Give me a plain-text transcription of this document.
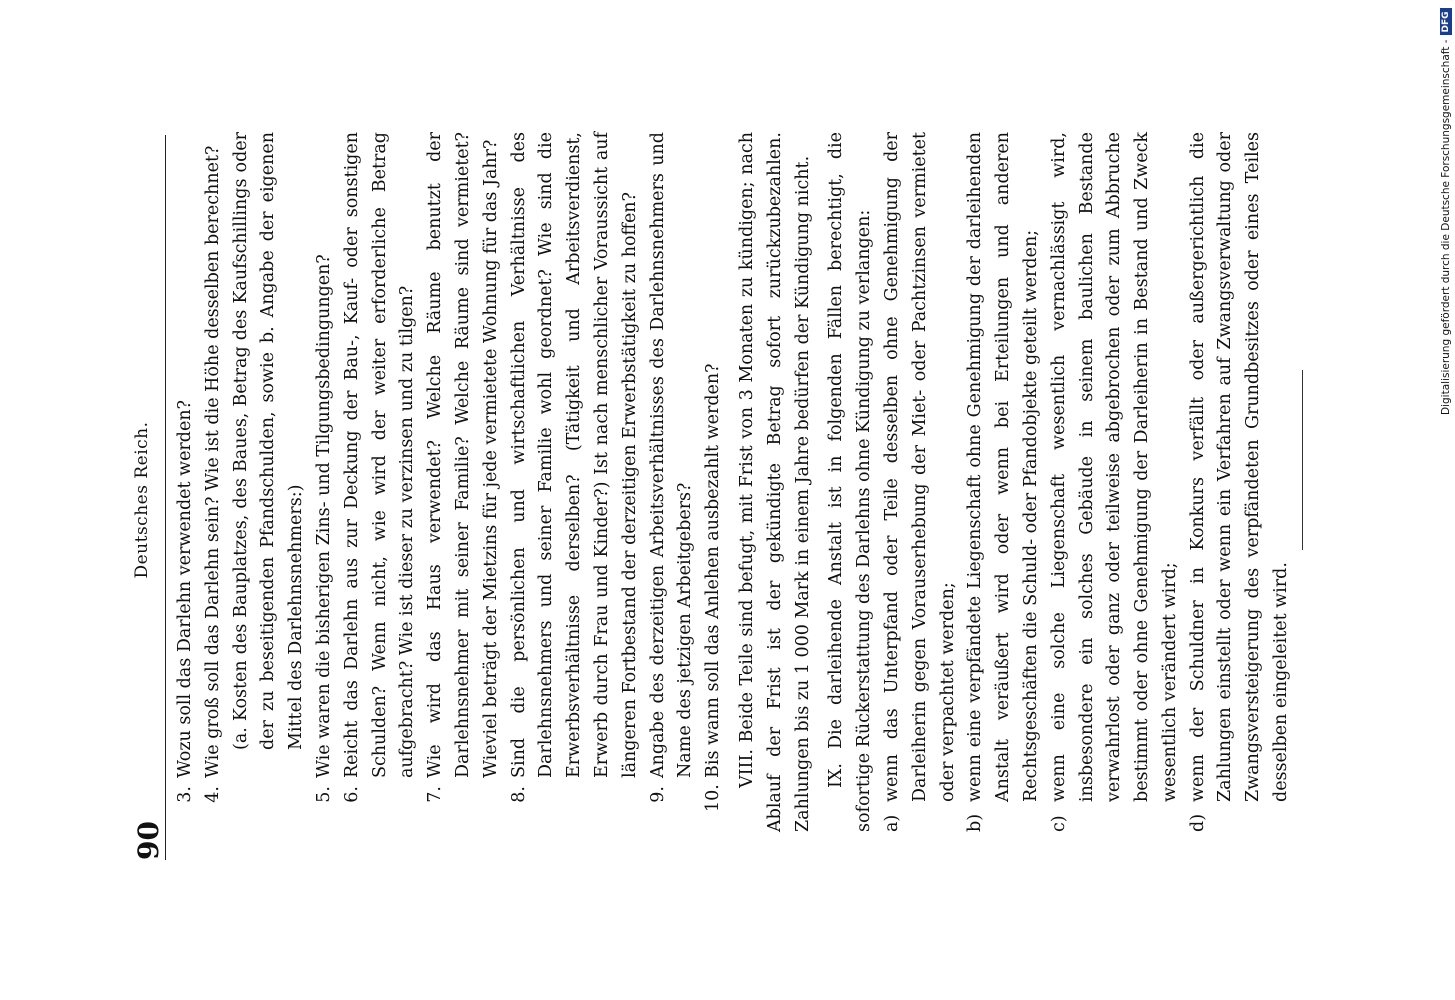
90
Deutsches Reich.
3.
Wozu soll das Darlehn verwendet werden?
4.
Wie groß soll das Darlehn sein? Wie ist die Höhe desselben berechnet? (a. Kosten des Bauplatzes, des Baues, Betrag des Kaufschillings oder der zu beseitigenden Pfandschulden, sowie b. Angabe der eigenen Mittel des Darlehnsnehmers:)
5.
Wie waren die bisherigen Zins- und Tilgungsbedingungen?
6.
Reicht das Darlehn aus zur Deckung der Bau-, Kauf- oder sonstigen Schulden? Wenn nicht, wie wird der weiter erforderliche Betrag aufgebracht? Wie ist dieser zu verzinsen und zu tilgen?
7.
Wie wird das Haus verwendet? Welche Räume benutzt der Darlehnsnehmer mit seiner Familie? Welche Räume sind vermietet? Wieviel beträgt der Mietzins für jede vermietete Wohnung für das Jahr?
8.
Sind die persönlichen und wirtschaftlichen Verhältnisse des Darlehnsnehmers und seiner Familie wohl geordnet? Wie sind die Erwerbsverhältnisse derselben? (Tätigkeit und Arbeitsverdienst, Erwerb durch Frau und Kinder?) Ist nach menschlicher Voraussicht auf längeren Fortbestand der derzeitigen Erwerbstätigkeit zu hoffen?
9.
Angabe des derzeitigen Arbeitsverhältnisses des Darlehnsnehmers und Name des jetzigen Arbeitgebers?
10.
Bis wann soll das Anlehen ausbezahlt werden? VIII. Beide Teile sind befugt, mit Frist von 3 Monaten zu kündigen; nach Ablauf der Frist ist der gekündigte Betrag sofort zurückzubezahlen. Zahlungen bis zu 1 000 Mark in einem Jahre bedürfen der Kündigung nicht. IX. Die darleihende Anstalt ist in folgenden Fällen berechtigt, die sofortige Rückerstattung des Darlehns ohne Kündigung zu verlangen: a)
wenn das Unterpfand oder Teile desselben ohne Genehmigung der Darleiherin gegen Vorauserhebung der Miet- oder Pachtzinsen vermietet oder verpachtet werden;
b)
wenn eine verpfändete Liegenschaft ohne Genehmigung der darleihenden Anstalt veräußert wird oder wenn bei Erteilungen und anderen Rechtsgeschäften die Schuld- oder Pfandobjekte geteilt werden;
c)
wenn eine solche Liegenschaft wesentlich vernachlässigt wird, insbesondere ein solches Gebäude in seinem baulichen Bestande verwahrlost oder ganz oder teilweise abgebrochen oder zum Abbruche bestimmt oder ohne Genehmigung der Darleiherin in Bestand und Zweck wesentlich verändert wird;
d)
wenn der Schuldner in Konkurs verfällt oder außergerichtlich die Zahlungen einstellt oder wenn ein Verfahren auf Zwangsverwaltung oder Zwangsversteigerung des verpfändeten Grundbesitzes oder eines Teiles desselben eingeleitet wird.
Digitalisierung gefördert durch die Deutsche Forschungsgemeinschaft -
DFG
